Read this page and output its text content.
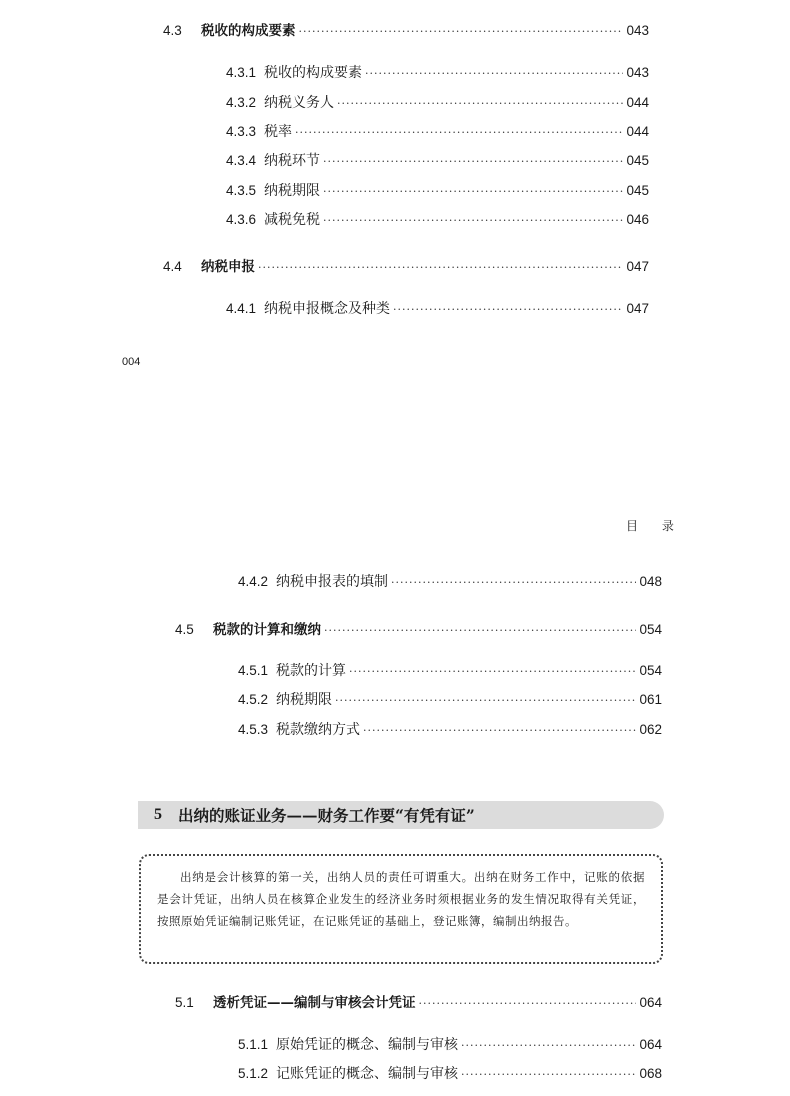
4.3	税收的构成要素 ·····	043
4.3.1 税收的构成要素 ·····	043
4.3.2 纳税义务人 ·····	044
4.3.3 税率 ·····	044
4.3.4 纳税环节 ·····	045
4.3.5 纳税期限 ·····	045
4.3.6 减税免税 ·····	046
4.4	纳税申报 ·····	047
4.4.1 纳税申报概念及种类 ·····	047
004
目 录
4.4.2 纳税申报表的填制 ·····	048
4.5	税款的计算和缴纳 ·····	054
4.5.1 税款的计算 ·····	054
4.5.2 纳税期限 ·····	061
4.5.3 税款缴纳方式 ·····	062
5	出纳的账证业务——财务工作要“有凭有证”
出纳是会计核算的第一关，出纳人员的责任可谓重大。出纳在财务工作中，记账的依据是会计凭证，出纳人员在核算企业发生的经济业务时须根据业务的发生情况取得有关凭证，按照原始凭证编制记账凭证，在记账凭证的基础上，登记账簿，编制出纳报告。
5.1	透析凭证——编制与审核会计凭证 ·····	064
5.1.1 原始凭证的概念、编制与审核 ·····	064
5.1.2 记账凭证的概念、编制与审核 ·····	068
